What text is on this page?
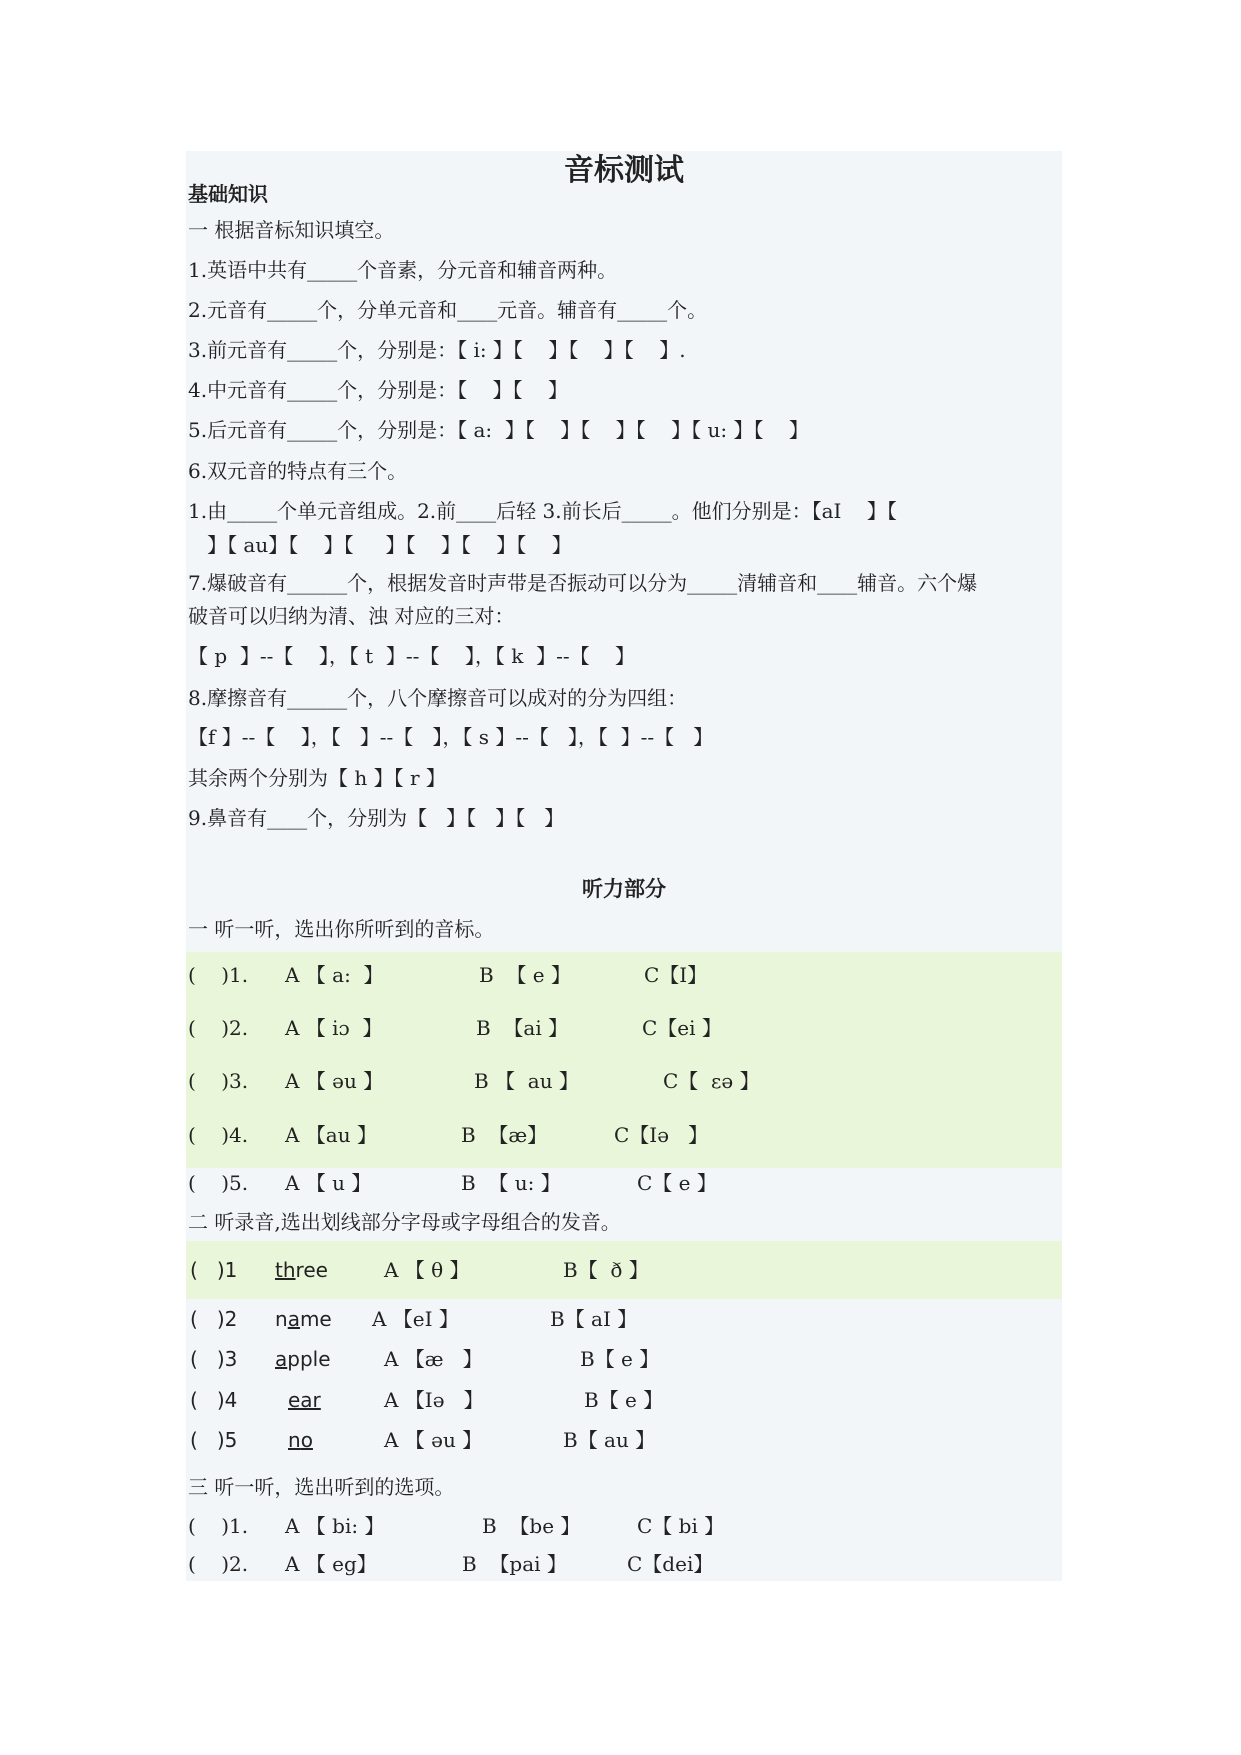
音标测试
基础知识
一 根据音标知识填空。
1.英语中共有_____个音素，分元音和辅音两种。
2.元音有_____个，分单元音和____元音。辅音有_____个。
3.前元音有_____个，分别是：【 i: 】【    】【    】【    】.
4.中元音有_____个，分别是：【    】【    】
5.后元音有_____个，分别是：【 a:  】【    】【    】【    】【 u: 】【    】
6.双元音的特点有三个。
1.由_____个单元音组成。2.前____后轻 3.前长后_____。他们分别是：【aI    】【
】【 au】【    】【     】【    】【    】【    】
7.爆破音有______个，根据发音时声带是否振动可以分为_____清辅音和____辅音。六个爆
破音可以归纳为清、浊 对应的三对：
【 p  】--【    】，【 t  】--【    】，【 k  】--【    】
8.摩擦音有______个，八个摩擦音可以成对的分为四组：
【f 】--【    】，【   】--【   】，【 s 】--【   】，【  】--【   】
其余两个分别为【 h 】【 r 】
9.鼻音有____个，分别为【   】【   】【   】
听力部分
一 听一听，选出你所听到的音标。
(    )1. A 【 a:  】	B  【 e 】	C【I】
(    )2. A 【 iɔ  】	B  【ai 】	C【ei 】
(    )3. A 【 əu 】	B 【  au 】	C【  εə 】
(    )4. A 【au 】	B  【æ】	C【Iə   】
(    )5. A 【 u 】	B  【 u: 】	C【 e 】
二 听录音,选出划线部分字母或字母组合的发音。
(   )1 three	A 【 θ 】	B【  ð 】
(   )2 name A 【eI 】	B【 aI 】
(   )3 apple	A 【æ   】	B【 e 】
(   )4	ear	A 【Iə   】	B【 e 】
(   )5	no	A 【 əu 】	B【 au 】
三 听一听，选出听到的选项。
(    )1. A 【 bi: 】	B  【be 】	C【 bi 】
(    )2. A 【 eg】	B  【pai 】	C【dei】
